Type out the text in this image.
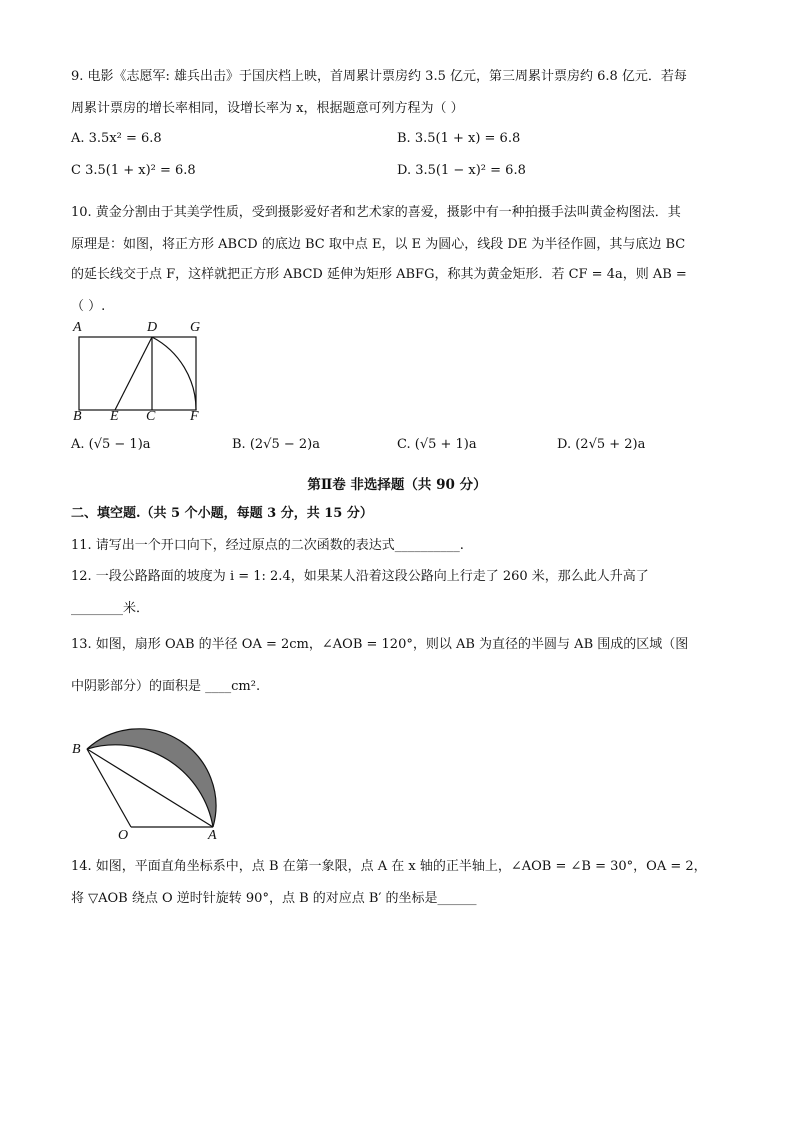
9. 电影《志愿军: 雄兵出击》于国庆档上映，首周累计票房约 3.5 亿元，第三周累计票房约 6.8 亿元．若每
周累计票房的增长率相同，设增长率为 x，根据题意可列方程为（ ）
A. 3.5x² = 6.8	B. 3.5(1 + x) = 6.8
C 3.5(1 + x)² = 6.8	D. 3.5(1 − x)² = 6.8
10. 黄金分割由于其美学性质，受到摄影爱好者和艺术家的喜爱，摄影中有一种拍摄手法叫黄金构图法．其
原理是：如图，将正方形 ABCD 的底边 BC 取中点 E，以 E 为圆心，线段 DE 为半径作圆，其与底边 BC
的延长线交于点 F，这样就把正方形 ABCD 延伸为矩形 ABFG，称其为黄金矩形．若 CF = 4a，则 AB =
（ ）.
A	D G
B E C F
A. (√5 − 1)a	B. (2√5 − 2)a	C. (√5 + 1)a	D. (2√5 + 2)a
第Ⅱ卷 非选择题（共 90 分）
二、填空题.（共 5 个小题，每题 3 分，共 15 分）
11. 请写出一个开口向下，经过原点的二次函数的表达式__________.
12. 一段公路路面的坡度为 i = 1: 2.4，如果某人沿着这段公路向上行走了 260 米，那么此人升高了
________米．
13. 如图，扇形 OAB 的半径 OA = 2cm，∠AOB = 120°，则以 AB 为直径的半圆与 AB 围成的区域（图
中阴影部分）的面积是 ____cm².
B
O	A
14. 如图，平面直角坐标系中，点 B 在第一象限，点 A 在 x 轴的正半轴上，∠AOB = ∠B = 30°，OA = 2，
将 ▽AOB 绕点 O 逆时针旋转 90°，点 B 的对应点 B′ 的坐标是______
